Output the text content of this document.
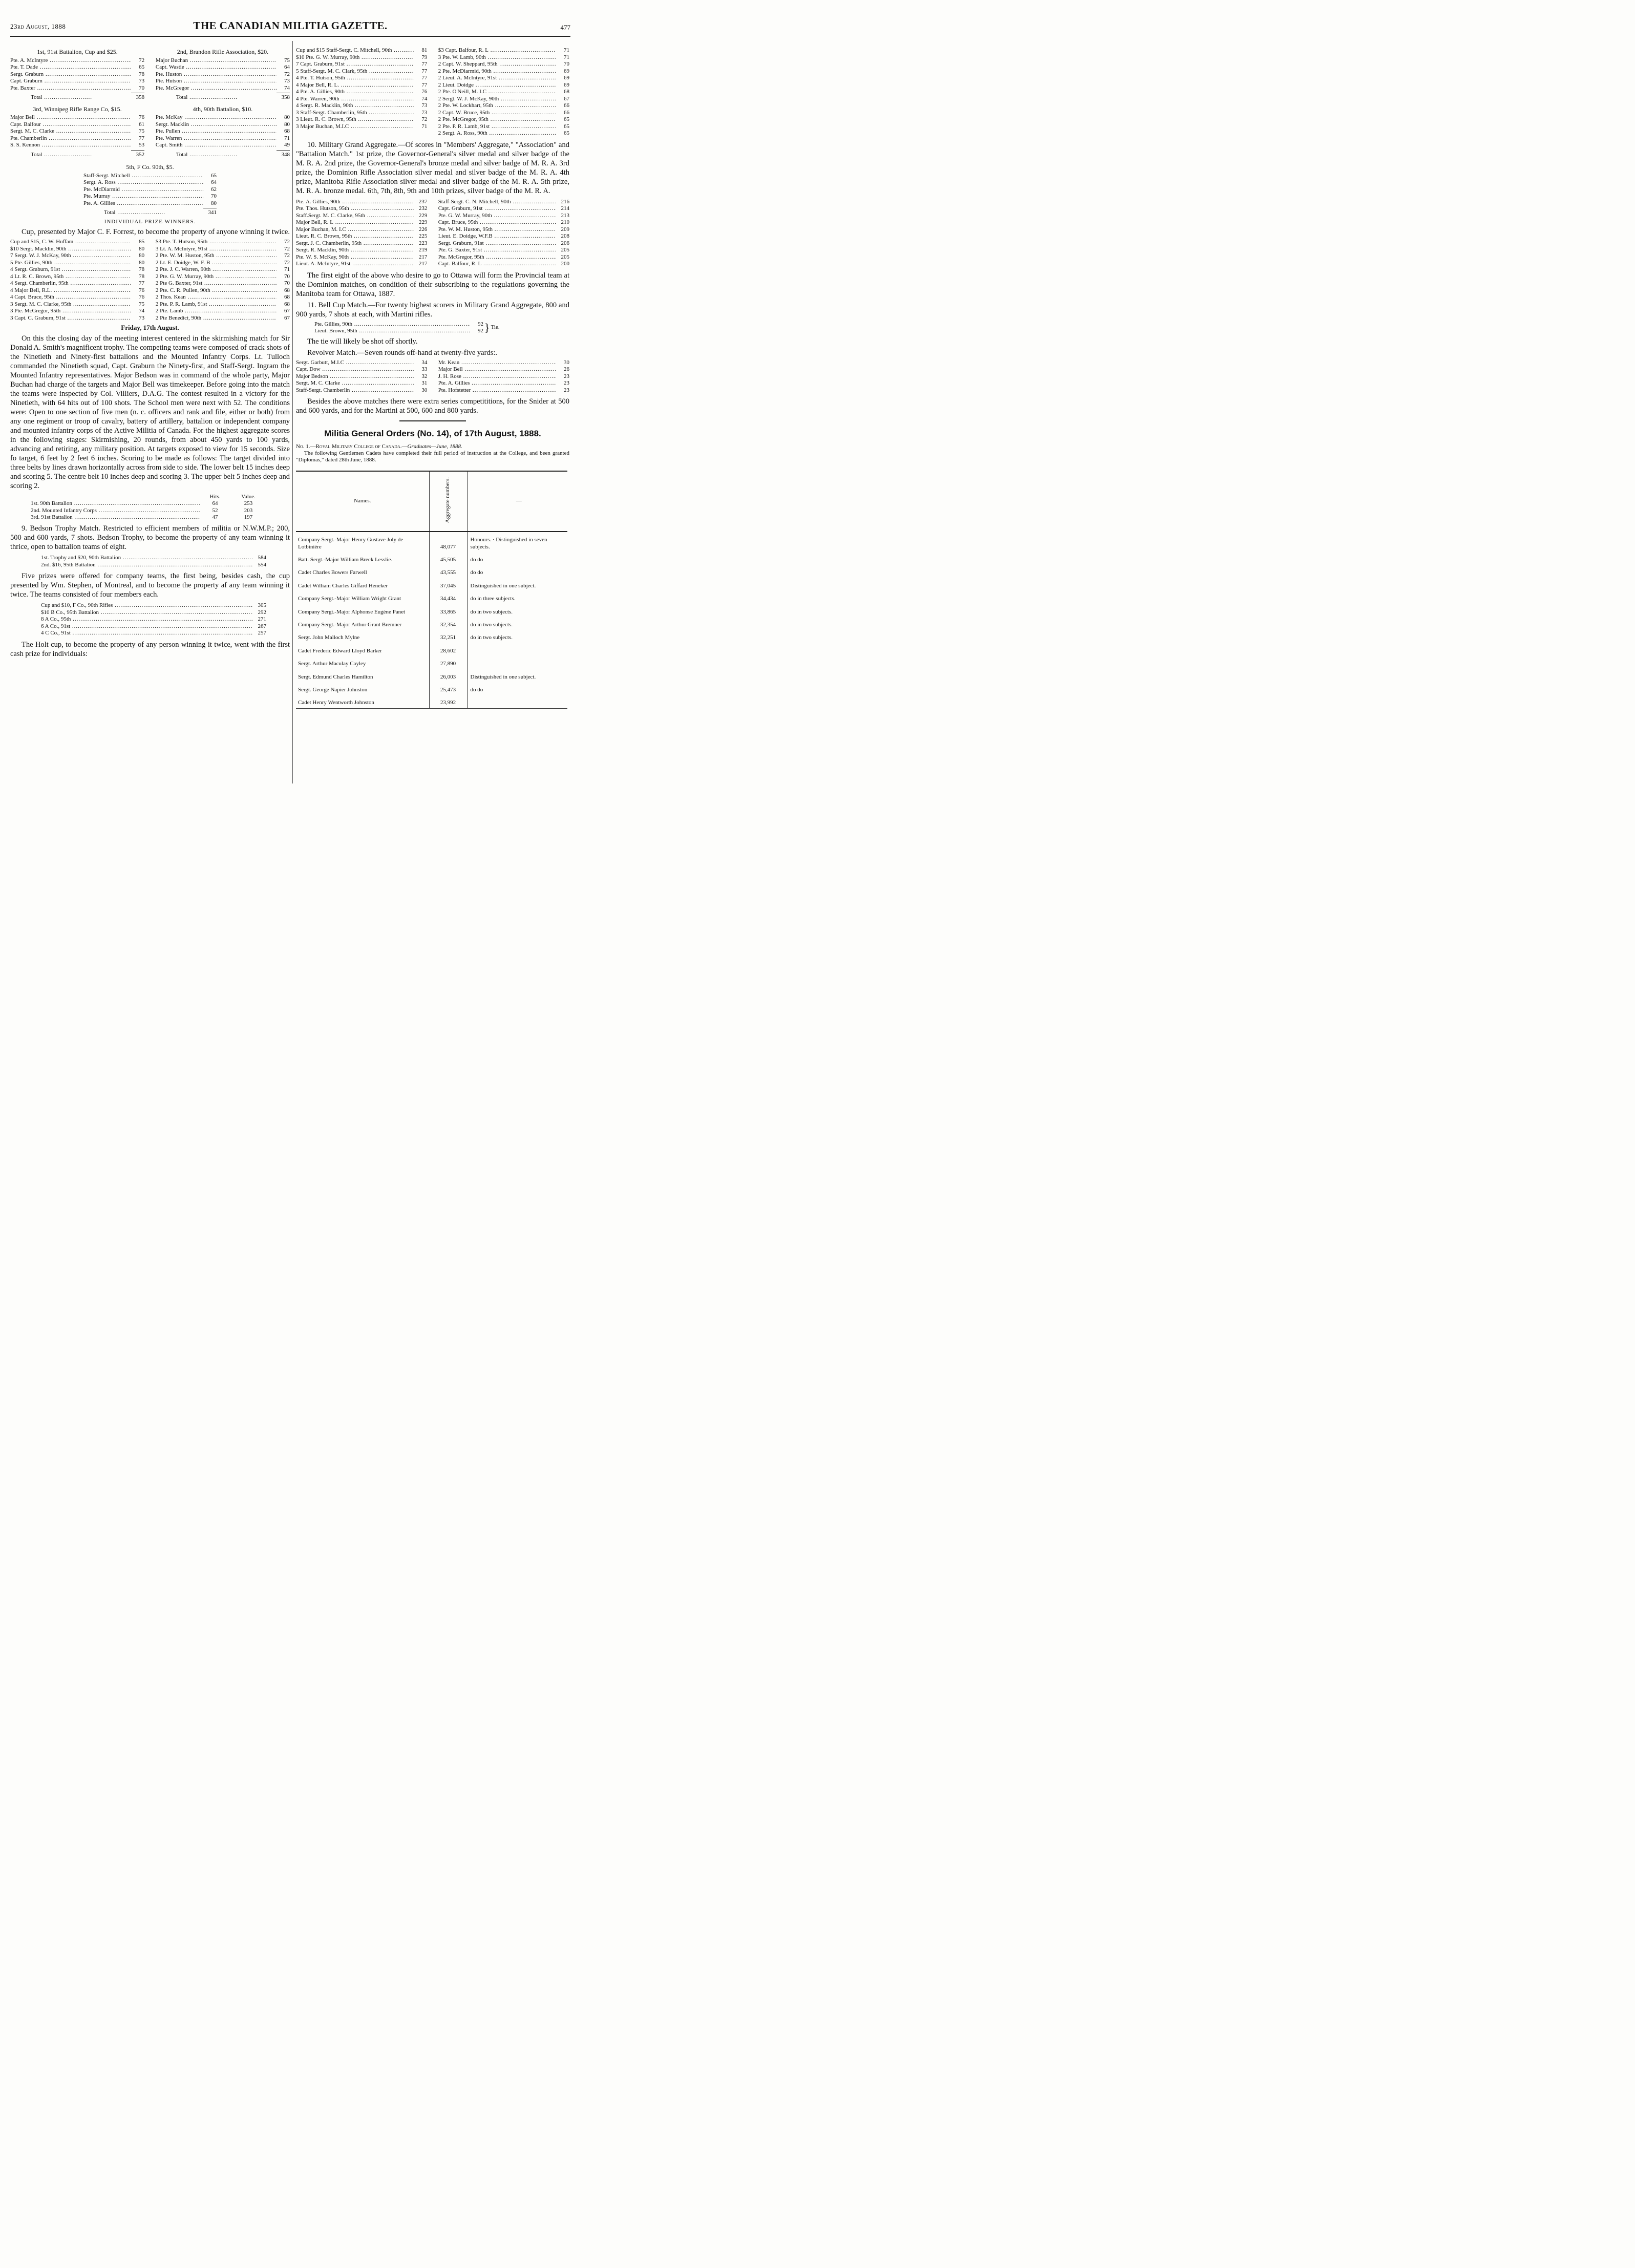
23rd August, 1888	THE CANADIAN MILITIA GAZETTE.	477
1st, 91st Battalion, Cup and $25.
Pte. A. McIntyre .....	72
Pte. T. Dade .....	65
Sergt. Graburn .....	78
Capt. Graburn .....	73
Pte. Baxter .....	70
Total .....	358
2nd, Brandon Rifle Association, $20.
Major Buchan .....	75
Capt. Wastie .....	64
Pte. Huston .....	72
Pte. Hutson .....	73
Pte. McGregor .....	74
Total .....	358
3rd, Winnipeg Rifle Range Co, $15.
Major Bell .....	76
Capt. Balfour .....	61
Sergt. M. C. Clarke .....	75
Pte. Chamberlin .....	77
S. S. Kennon .....	53
Total .....	352
4th, 90th Battalion, $10.
Pte. McKay .....	80
Sergt. Macklin .....	80
Pte. Pullen .....	68
Pte. Warren .....	71
Capt. Smith .....	49
Total .....	348
5th, F Co. 90th, $5.
Staff-Sergt. Mitchell .....	65
Sergt. A. Ross .....	64
Pte. McDiarmid .....	62
Pte. Murray .....	70
Pte. A. Gillies .....	80
Total .....	341
INDIVIDUAL PRIZE WINNERS.

Cup, presented by Major C. F. Forrest, to become the property of anyone winning it twice.

Cup and $15, C. W. Huffam .....	85
$10 Sergt. Macklin, 90th .....	80
7 Sergt. W. J. McKay, 90th .....	80
5 Pte. Gillies, 90th .....	80
4 Sergt. Graburn, 91st .....	78
4 Lt. R. C. Brown, 95th .....	78
4 Sergt. Chamberlin, 95th .....	77
4 Major Bell, R.L. .....	76
4 Capt. Bruce, 95th .....	76
3 Sergt. M. C. Clarke, 95th .....	75
3 Pte. McGregor, 95th .....	74
3 Capt. C. Graburn, 91st .....	73
$3 Pte. T. Hutson, 95th .....	72
3 Lt. A. McIntyre, 91st .....	72
2 Pte. W. M. Huston, 95th .....	72
2 Lt. E. Doidge, W. F. B .....	72
2 Pte. J. C. Warren, 90th .....	71
2 Pte. G. W. Murray, 90th .....	70
2 Pte G. Baxter, 91st .....	70
2 Pte. C. R. Pullen, 90th .....	68
2 Thos. Kean .....	68
2 Pte. P. R. Lamb, 91st .....	68
2 Pte. Lamb .....	67
2 Pte Benedict, 90th .....	67
Friday, 17th August.

On this the closing day of the meeting interest centered in the skirmishing match for Sir Donald A. Smith's magnificent trophy. The competing teams were composed of crack shots of the Ninetieth and Ninety-first battalions and the Mounted Infantry Corps. Lt. Tulloch commanded the Ninetieth squad, Capt. Graburn the Ninety-first, and Staff-Sergt. Ingram the Mounted Infantry representatives. Major Bedson was in command of the whole party, Major Buchan had charge of the targets and Major Bell was timekeeper. Before going into the match the teams were inspected by Col. Villiers, D.A.G. The contest resulted in a victory for the Ninetieth, with 64 hits out of 100 shots. The School men were next with 52. The conditions were: Open to one section of five men (n. c. officers and rank and file, either or both) from any one regiment or troop of cavalry, battery of artillery, battalion or independent company and mounted infantry corps of the Active Militia of Canada. For the highest aggregate scores in the following stages: Skirmishing, 20 rounds, from about 450 yards to 100 yards, advancing and retiring, any military position. At targets exposed to view for 15 seconds. Size fo target, 6 feet by 2 feet 6 inches. Scoring to be made as follows: The target divided into three belts by lines drawn horizontally across from side to side. The lower belt 15 inches deep and scoring 5. The centre belt 10 inches deep and scoring 3. The upper belt 5 inches deep and scoring 2.

Hits.	Value.
1st. 90th Battalion .....	64	253
2nd. Mounted Infantry Corps .....	52	203
3rd. 91st Battalion .....	47	197

9. Bedson Trophy Match. Restricted to efficient members of militia or N.W.M.P.; 200, 500 and 600 yards, 7 shots. Bedson Trophy, to become the property of any team winning it thrice, open to battalion teams of eight.

1st. Trophy and $20, 90th Battalion .....	584
2nd. $16, 95th Battalion .....	554

Five prizes were offered for company teams, the first being, besides cash, the cup presented by Wm. Stephen, of Montreal, and to become the property af any team winning it twice. The teams consisted of four members each.

Cup and $10, F Co., 90th Rifles .....	305
$10 B Co., 95th Battalion .....	292
8 A Co., 95th .....	271
6 A Co., 91st .....	267
4 C Co., 91st .....	257

The Holt cup, to become the property of any person winning it twice, went with the first cash prize for individuals:

Cup and $15 Staff-Sergt. C. Mitchell, 90th .....	81
$10 Pte. G. W. Murray, 90th .....	79
7 Capt. Graburn, 91st .....	77
5 Staff-Sergt. M. C. Clark, 95th .....	77
4 Pte. T. Hutson, 95th .....	77
4 Major Bell, R. L. .....	77
4 Pte. A. Gillies, 90th .....	76
4 Pte. Warren, 90th .....	74
4 Sergt. R. Macklin, 90th .....	73
3 Staff-Sergt. Chamberlin, 95th .....	73
3 Lieut. R. C. Brown, 95th .....	72
3 Major Buchan, M.I.C .....	71
$3 Capt. Balfour, R. L .....	71
3 Pte. W. Lamb, 90th .....	71
2 Capt. W. Sheppard, 95th .....	70
2 Pte. McDiarmid, 90th .....	69
2 Lieut. A. McIntyre, 91st .....	69
2 Lieut. Doidge .....	69
2 Pte. O'Neill, M. I.C .....	68
2 Sergt. W. J. McKay, 90th .....	67
2 Pte. W. Lockhart, 95th .....	66
2 Capt. W. Bruce, 95th .....	66
2 Pte. McGregor, 95th .....	65
2 Pte. P. R. Lamb, 91st .....	65
2 Sergt. A. Ross, 90th .....	65

10. Military Grand Aggregate.—Of scores in "Members' Aggregate," "Association" and "Battalion Match." 1st prize, the Governor-General's silver medal and silver badge of the M. R. A. 2nd prize, the Governor-General's bronze medal and silver badge of M. R. A. 3rd prize, the Dominion Rifle Association silver medal and silver badge of the M. R. A. 4th prize, Manitoba Rifle Association silver medal and silver badge of the M. R. A. 5th prize, M. R. A. bronze medal. 6th, 7th, 8th, 9th and 10th prizes, silver badge of the M. R. A.

Pte. A. Gillies, 90th .....	237
Pte. Thos. Hutson, 95th .....	232
Staff.Sergt. M. C. Clarke, 95th .....	229
Major Bell, R. L .....	229
Major Buchan, M. I.C .....	226
Lieut. R. C. Brown, 95th .....	225
Sergt. J. C. Chamberlin, 95th .....	223
Sergt. R. Macklin, 90th .....	219
Pte. W. S. McKay, 90th .....	217
Lieut. A. McIntyre, 91st .....	217
Staff-Sergt. C. N. Mitchell, 90th .....	216
Capt. Graburn, 91st .....	214
Pte. G. W. Murray, 90th .....	213
Capt. Bruce, 95th .....	210
Pte. W. M. Huston, 95th .....	209
Lieut. E. Doidge, W.F.B .....	208
Sergt. Graburn, 91st .....	206
Pte. G. Baxter, 91st .....	205
Pte. McGregor, 95th .....	205
Capt. Balfour, R. L .....	200

The first eight of the above who desire to go to Ottawa will form the Provincial team at the Dominion matches, on condition of their subscribing to the regulations governing the Manitoba team for Ottawa, 1887.

11. Bell Cup Match.—For twenty highest scorers in Military Grand Aggregate, 800 and 900 yards, 7 shots at each, with Martini rifles.

Pte. Gillies, 90th .....	92
Lieut. Brown, 95th .....	92 } Tie.

The tie will likely be shot off shortly.

Revolver Match.—Seven rounds off-hand at twenty-five yards:.

Sergt. Garbutt, M.I.C .....	34
Capt. Dow .....	33
Major Bedson .....	32
Sergt. M. C. Clarke .....	31
Staff-Sergt. Chamberlin .....	30
Mr. Kean .....	30
Major Bell .....	26
J. H. Rose .....	23
Pte. A. Gillies .....	23
Pte. Hofstetter .....	23

Besides the above matches there were extra series competititions, for the Snider at 500 and 600 yards, and for the Martini at 500, 600 and 800 yards.

Militia General Orders (No. 14), of 17th August, 1888.
No. 1.—Royal Military College of Canada.—Graduates—June, 1888.

The following Gentlemen Cadets have completed their full period of instruction at the College, and been granted "Diplomas," dated 28th June, 1888.

Names.	Aggregate numbers.	—
Company Sergt.-Major Henry Gustave Joly de Lotbinière	48,077	Honours. · Distinguished in seven subjects.
Batt. Sergt.-Major William Breck Lesslie.	45,505	do do
Cadet Charles Bowers Farwell	43,555	do do
Cadet William Charles Giffard Heneker	37,045	Distinguished in one subject.
Company Sergt.-Major William Wright Grant	34,434	do in three subjects.
Company Sergt.-Major Alphonse Eugène Panet	33,865	do in two subjects.
Company Sergt.-Major Arthur Grant Bremner	32,354	do in two subjects.
Sergt. John Malloch Mylne	32,251	do in two subjects.
Cadet Frederic Edward Lloyd Barker	28,602	
Sergt. Arthur Maculay Cayley	27,890	
Sergt. Edmund Charles Hamilton	26,003	Distinguished in one subject.
Sergt. George Napier Johnston	25,473	do do
Cadet Henry Wentworth Johnston	23,992	
